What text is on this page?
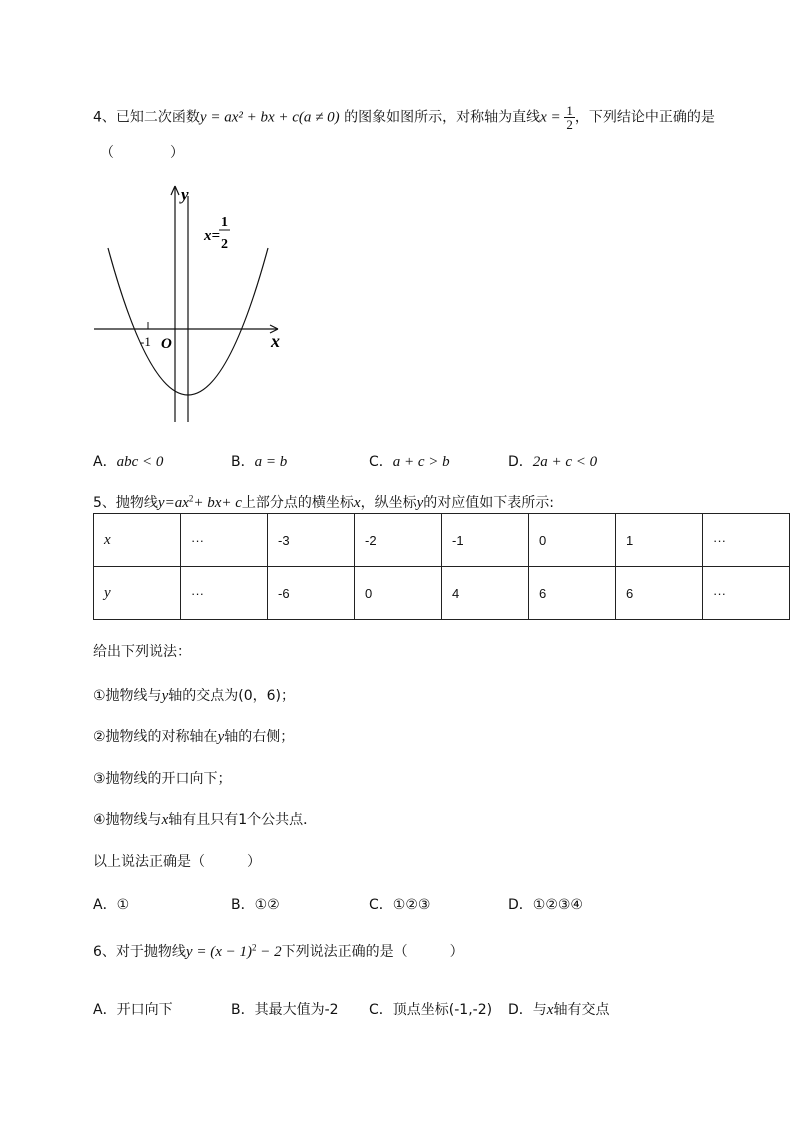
4、已知二次函数y = ax² + bx + c(a ≠ 0) 的图象如图所示，对称轴为直线$x = \frac{1}{2}$ ，下列结论中正确的是
（　　　　）
y
x
O
-1
x=
1
2
A．abc < 0	B．a = b	C．a + c > b	D．2a + c < 0
5、抛物线$y=ax^2+ bx+ c$上部分点的横坐标x，纵坐标y的对应值如下表所示:
x	···	-3	-2	-1	0	1	···
y	···	-6	0	4	6	6	···
给出下列说法：
①抛物线与y轴的交点为(0，6)；
②抛物线的对称轴在y轴的右侧；
③抛物线的开口向下；
④抛物线与x轴有且只有1个公共点．
以上说法正确是（　　　）
A．①	B．①②	C．①②③	D．①②③④
6、对于抛物线$y = (x - 1)^2 - 2$下列说法正确的是（　　　）
A．开口向下	B．其最大值为-2 C．顶点坐标(-1,-2) D．与x轴有交点
